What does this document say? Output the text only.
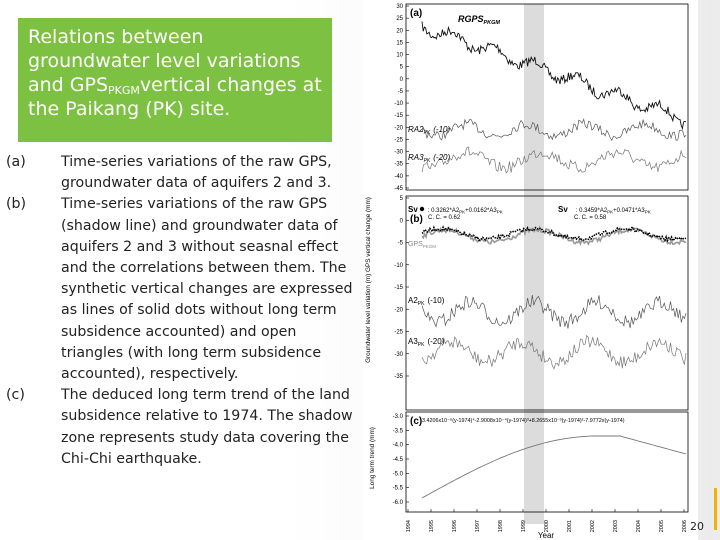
Relations between groundwater level variations and $GPS_{PKGM}vertical$ changes at the Paikang (PK) site.
(a)	Time-series variations of the raw GPS, groundwater data of aquifers 2 and 3.
(b)	Time-series variations of the raw GPS (shadow line) and groundwater data of aquifers 2 and 3 without seasnal effect and the correlations between them. The synthetic vertical changes are expressed as lines of solid dots without long term subsidence accounted) and open triangles (with long term subsidence accounted), respectively.
(c)	The deduced long term trend of the land subsidence relative to 1974. The shadow zone represents study data covering the Chi-Chi earthquake.
30
25
20
15
10
5
0
-5
-10
-15
-20
-25
-30
-35
-40
-45
5
0
-5
-10
-15
-20
-25
-30
-35
-3.0
-3.5
-4.0
-4.5
-5.0
-5.5
-6.0
1994	1995	1996	1997	1998	1999	2000	2001	2002	2003	2004	2005	2006
(a)
(b)
(c)
$RGPS_{PKGM}$
$RA2_{PK}$ (-10)
$RA3_{PK}$ (-20)
Sv : 0.3262*A2PK+0.0162*A3PK
C. C. = 0.62
Sv : 0.3459*A2PK+0.0471*A3PK
C. C. = 0.58
$GPS_{PKGM}$
$A2_{PK}$ (-10)
$A3_{PK}$ (-20)
3.4206x10⁻⁶(y-1974)⁴-2.9008x10⁻⁴(y-1974)³+8.2655x10⁻³(y-1974)²-7.9772x(y-1974)
Groundwater level variation (m) GPS vertical change (mm)
Long term trend (mm)
Year
20
